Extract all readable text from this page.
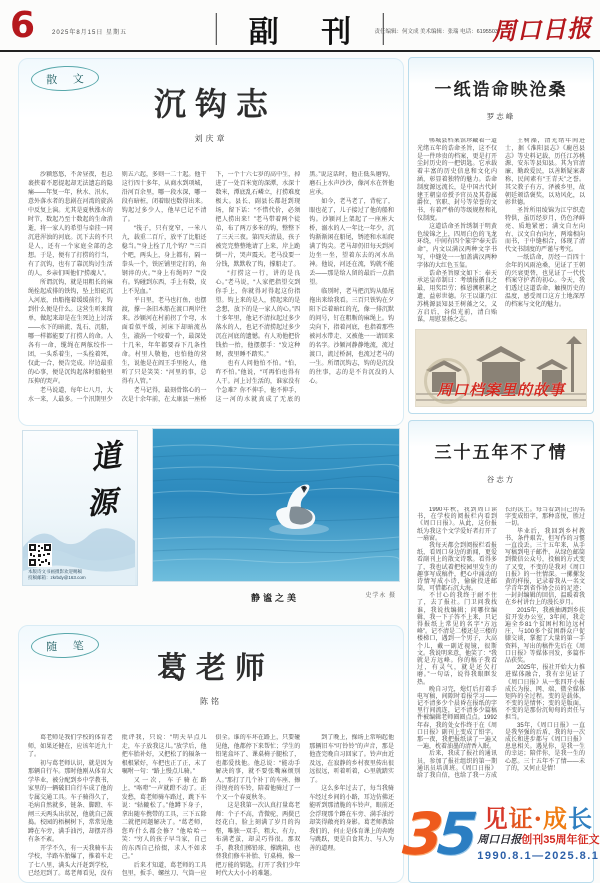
6	2025年8月15日 星期五	副 刊 责任编辑：何文成 美术编辑：张瑞 电话：6195503
周口日报
散 文
沉钩志
刘庆章

沙颍悠悠，不舍昼夜，也总裹挟着不愿提起却无法遗忘的隐痛——年复一年，秋水、汛水，意外落水者的悲剧在河湾的旋涡中反复上演。尤其是夏秋涨水的时节，数起乃至十数起的生命消逝，将一家人的希望与牵挂一同沉进浑浊的河底。沉下去的不只是人，还有一个家庭全部的念想。于是，便有了打捞的行当，有了沉钩，也有了靠沉钩讨生活的人，乡亲们叫他们“捞魂人”。

所谓沉钩，就是用粗长的麻绳拴起成排的铁钩，坠上铅砣沉入河底，由船拖着缓缓前行，钩到什么便是什么。这营生听来简单，做起来却是在生死边上讨活——水下的暗流、乱石、沉船，哪一样都能要了打捞人的命。人各有一命，缆绳在两舷绞作一团，一头系着生，一头拴着死，仅此一合，便告完成。岸边最重的心事，便是沉钩起落时船舱里压抑的哭声。

老马说道，每年七八月，大水一来，人最多。一个汛期里少则五六起，多则一二十起。他干这行四十多年，从商水到项城，沿河百余里，哪一段水深，哪一段有暗桩，闭着眼也数得出来。钩起过多少人，他早已记不清了。

“筏子，只有宽窄，一米八九，载重二百斤，放平了比船还稳当。”“身上拴了几个钩？”“三百个吧，两头上，身上都有，隔一拳头一个，铁匠铺里定打的，角钢淬的火。”“身上有绳吗？”“没有。钩碰到东西，手上有数，皮上不见血。”

平日里，老马也打鱼，也摆渡，撑一条旧木船在渡口两岸往来。沙颍河在村前拐了个弯，水面看似平缓，河床下却暗流丛生，漩涡一个咬着一个，最深处十几米，年年都要吞下几条性命。村里人敬他，也怕他的营生，说他是在阎王手里抢人，他听了只是笑笑：“河里的事，总得有人管。”

老马记得，最刻骨铭心的一次是十余年前，在太康县一座桥下，一个十六七岁的高中生，掉进了一处百米宽的深潭，水深十数米，潭底乱石嶙立，打捞难度极大。县长、副县长都赶到现场，留下话：“不惜代价，必须把人捞出来！”老马带着两个徒弟，布了两万多米的钩，整整下了三天三夜。第四天清晨，孩子被完完整整地请了上来，岸上跪倒一片，哭声震天。老马没要一分钱，默默收了钩，撑船走了。

“打捞这一行，讲的是良心。”老马说，“人家把指望交到你手上，你就得对得起这份指望。钩上来的是人，捞起来的是念想，放下的是一家人的心。”四十多年里，他记不清拉起过多少落水的人，也记不清捞起过多少沉在河底的遗憾。有人劝他把价钱抬一抬，他摆摆手：“发这种财，夜里睡不踏实。”

也有人问他怕不怕。“怕，咋不怕。”他说，“可再怕也得有人干。河上讨生活的，谁家没有个急难？你不伸手，他不伸手，这一河的水就真成了无底的黑。”说这话时，他正低头磨钩，磨石上水声沙沙，像河水在替他应承。

如今，老马老了，背驼了，眼也花了，儿子接过了他的船和钩。沙颍河上架起了一座座大桥，溺水的人一年比一年少，沉钩渐渐闲在船尾，锈迹和水垢爬满了钩尖。老马却仍旧每天到河边坐一坐，望着东去的河水出神。他说，河还在流，钩就不能丢——那是给人留的最后一点指望。

临别时，老马把沉钩从船尾拖出来给我看。三百只铁钩在夕阳下泛着暗红的光，像一排沉默的问号，钉在粗粝的麻绳上。钩尖向下，指着河底，也指着那些被河水带走、又被他一一请回来的名字。沙颍河静静地流，流过渡口，流过桥洞，也流过老马的一生。所谓沉钩志，钩的是沉没的往事，志的是不肯沉没的人心。

道
源
本版诗文书画摄影欢迎赐稿
投稿邮箱：zkrbdy@163.com
静谧之美	史学永 摄
随 笔
葛老师
陈铭

葛老师是我们学校的体育老师，如果还健在，应该年近九十了。

初与葛老师认识，就是因为那辆自行车。那时他刚从体育大学毕业，被分配到乡中学教书，家里的一辆破旧自行车成了他的专属交通工具。车子骑得久了，毛病自然就多，链条、脚蹬、车闸三天两头出状况，他就自己鼓捣。校园的梧桐树下，常常见他蹲在车旁，满手油污，却摆弄得有条不紊。

开学不久，有一天我骑车去学校，半路车胎爆了，推着车走了七八里，满头大汗赶到学校，已经迟到了。葛老师看见，没有批评我，只说：“明天早点儿走，车子放我这儿。”放学后，他把车胎补好，又把松了的辐条一根根紧好，车把也正了正，末了嘱咐一句：“路上慢点儿骑。”

又一次，车子骑在路上，“咯噔”一声就蹬不动了。正发愁，葛老师骑车路过，跳下车说：“轱辘松了。”他蹲下身子，拿出随车携带的工具，三下五除二就把问题解决了。“葛老师，您咋什么都会修？”他哈哈一笑：“穷人的孩子早当家，自己的东西自己拾掇，求人不如求己。”

后来才知道，葛老师的工具包里，扳手、螺丝刀、气筒一应俱全。谁的车坏在路上，只要碰见他，他都停下来帮忙；学生的铅笔盒坏了、课桌椅子腿松了，也都爱找他。他总说：“能动手解决的事，就不要张嘴麻烦别人。”那打了几个补丁的车座、擦得锃亮的车铃，陪着他骑过了一个又一个春夏秋冬。

这是我第一次认真打量葛老师：个子不高，背微驼，两鬓已经花白，脸上刻满了岁月的沟壑，唯独一双手，粗大、有力，布满老茧，却灵巧得很。那双手，教我们掷铅球、撑跳箱，也替我们修车补胎、钉桌椅，像一把万能的钥匙，打开了我们少年时代大大小小的难题。

到了晚上，操场上常响起他那辆旧车“叮铃铃”的声音，那是他查完晚自习回家了。铃声由近及远，在寂静的乡村夜里传出很远很远，听着听着，心里就踏实了。

这么多年过去了，每当我骑车经过乡间的小路，耳边仿佛还能听到那清脆的车铃声，眼前还会浮现那个蹲在车旁、满手油污却笑得敞亮的身影。葛老师教给我们的，何止是体育课上的奔跑与跳跃，更是自食其力、与人为善的道理。

一纸诰命映沧桑
罗志峰

郸城县档案馆珍藏着一道光绪五年的诰命圣旨，这不仅是一件珍贵的档案，更是打开尘封历史的一把钥匙。它承载着丰富的历史信息和文化内涵，彰显着独特的魅力。诰命制度源远流长，是中国古代封建王朝皇帝授予官员及其眷属爵位、官职、封号等荣誉的文书，有着严格的等级规程和礼仪制度。

这道诰命圣旨绣制于明黄色绫锦之上，四周白色的飞龙环绕，中间有四个篆字“奉天诰命”，内文以满汉两种文字书写，中缝处一一加盖满汉两种字体的大红色玉玺。

诰命圣旨原文如下：奉天承运皇帝制曰：考绩报循良之最，用奖臣劳；推恩溯积累之遗，益彰世德。尔王以谦乃江苏桃源县知县王树藻之父，义方启后，谷似光前，清白贻谋，用慰显扬之志。

王树藻，清光绪年间进士，据《淮阳县志》《鹿邑县志》等史料记载，历任江苏桃源、安东等县知县。其为官清廉、勤政爱民，以善断疑案著称，民间素有“王青天”之誉。其父教子有方，泽被乡里，故朝廷颁诰褒奖，以劝风化，以彰世德。

圣旨所用绫锦为江宁织造特供，虽历经岁月，仍色泽鲜亮、质地紧密；满文自左向右、汉文自右向左，两端相向而书，于中缝相合，体现了清代文书制度的严谨与考究。

一纸诰命，历经一百四十余年的风雨沧桑，见证了王朝的兴衰更替，也见证了一代代档案守护者的初心。今天，我们透过这道诰命，触摸历史的温度，感受周口这方土地深厚的档案与文化的魅力。

周口档案里的故事
三十五年不了情
谷志方

1990年秋，我到周口读书，在学校的阅报栏内看到《周口日报》。从此，这份报纸为我这个文学爱好者打开了一扇窗。

我每天都会到阅报栏看报纸，看周口身边的新闻，更爱看副刊上的散文诗歌。看得多了，我也试着把校园里发生的趣事写成稿件，把心中涌动的诗情写成小诗，偷偷投进邮筒，可惜都石沉大海。

不甘心的我终于耐不住了，去了报社。门卫问我找谁，我说找编辑；问哪位编辑，我一下子答不上来，只记得报纸上常见的名字“方远峰”。记不清是二楼还是三楼的楼梯口，遇到一个男子，大高个儿，戴一副近视镜，很斯文。我说明来意，他笑了：“我就是方远峰。你的稿子我看过，有灵气，就是还欠打磨。”一句话，说得我眼眶发热。

晚自习完，熄灯后打着手电写稿，间隙时看报学习——记不清多少个晨昏在报纸的字里行间流连，记不清多少篇稿件被编辑老师圈圈点点。1992年春，我的处女作终于在《周口日报》副刊上变成了铅字。那一夜，我把报纸读了一遍又一遍，枕着油墨的清香入眠。

后来，我成了报社的通讯员，参加了报社组织的第一期通讯员培训班。《周口日报》给了我自信，也给了我一方成长的沃土。每当看到自己的名字变成铅字，那种喜悦，胜过一切。

毕业后，我回到乡村教书，条件艰苦，但写作的习惯一直没丢。三十五年来，从手写稿到电子邮件，从绿色邮筒到微信公众号，投稿的方式变了又变，不变的是我对《周口日报》的一往情深。一摞摞发黄的样报，记录着我从一名文学青年到省作协会员的足迹；一封封编辑的回信，温暖着我在乡村讲台上的漫长岁月。

2015年，我被抽调到乡扶贫开发办公室，3年间，我走遍全乡81个贫困村和边远村庄，与100多个贫困群众户促膝交谈，掌握了大量的第一手资料，写出的稿件先后在《周口日报》等媒体刊发，多篇作品获奖。

2025年，报社开始大力推进媒体融合，我有幸见证了《周口日报》从一张四开小报成长为报、网、端、微全媒体矩阵的全过程。变的是载体，不变的是情怀；变的是版面，不变的是那份沉甸甸的责任与担当。

35年，《周口日报》一直是我坚强的后盾，我的每一次成长和进步都与《周口日报》息息相关。遇见你，是我一生的幸运；陪伴你，是我一生的心愿。三十五年不了情——未了的，又何止是情！

35 见证·成长
周口日报创刊35周年征文
1990.8.1—2025.8.1
